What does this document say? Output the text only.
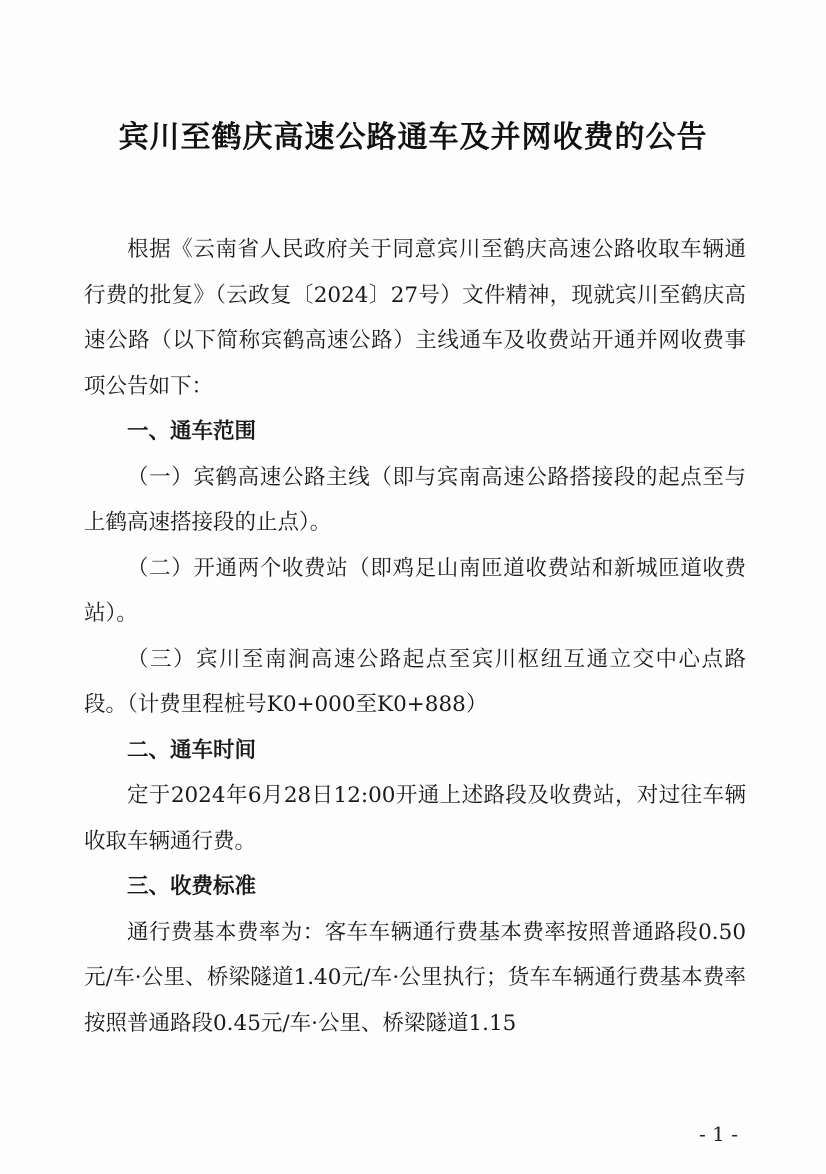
宾川至鹤庆高速公路通车及并网收费的公告

根据《云南省人民政府关于同意宾川至鹤庆高速公路收取车辆通行费的批复》（云政复〔2024〕27号）文件精神，现就宾川至鹤庆高速公路（以下简称宾鹤高速公路）主线通车及收费站开通并网收费事项公告如下：

一、通车范围

（一）宾鹤高速公路主线（即与宾南高速公路搭接段的起点至与上鹤高速搭接段的止点）。

（二）开通两个收费站（即鸡足山南匝道收费站和新城匝道收费站）。

（三）宾川至南涧高速公路起点至宾川枢纽互通立交中心点路段。（计费里程桩号K0+000至K0+888）

二、通车时间

定于2024年6月28日12:00开通上述路段及收费站，对过往车辆收取车辆通行费。

三、收费标准

通行费基本费率为：客车车辆通行费基本费率按照普通路段0.50元/车·公里、桥梁隧道1.40元/车·公里执行；货车车辆通行费基本费率按照普通路段0.45元/车·公里、桥梁隧道1.15

- 1 -
